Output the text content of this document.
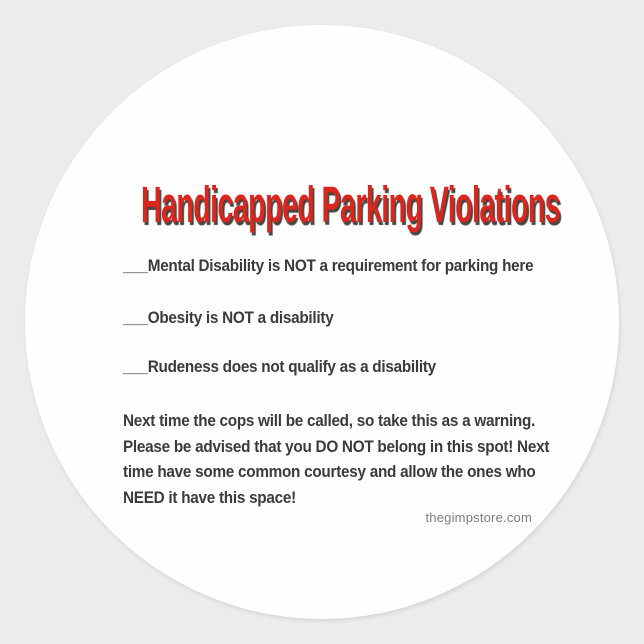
Handicapped Parking Violations
___Mental Disability is NOT a requirement for parking here
___Obesity is NOT a disability
___Rudeness does not qualify as a disability
Next time the cops will be called, so take this as a warning.
Please be advised that you DO NOT belong in this spot! Next
time have some common courtesy and allow the ones who
NEED it have this space!
thegimpstore.com
